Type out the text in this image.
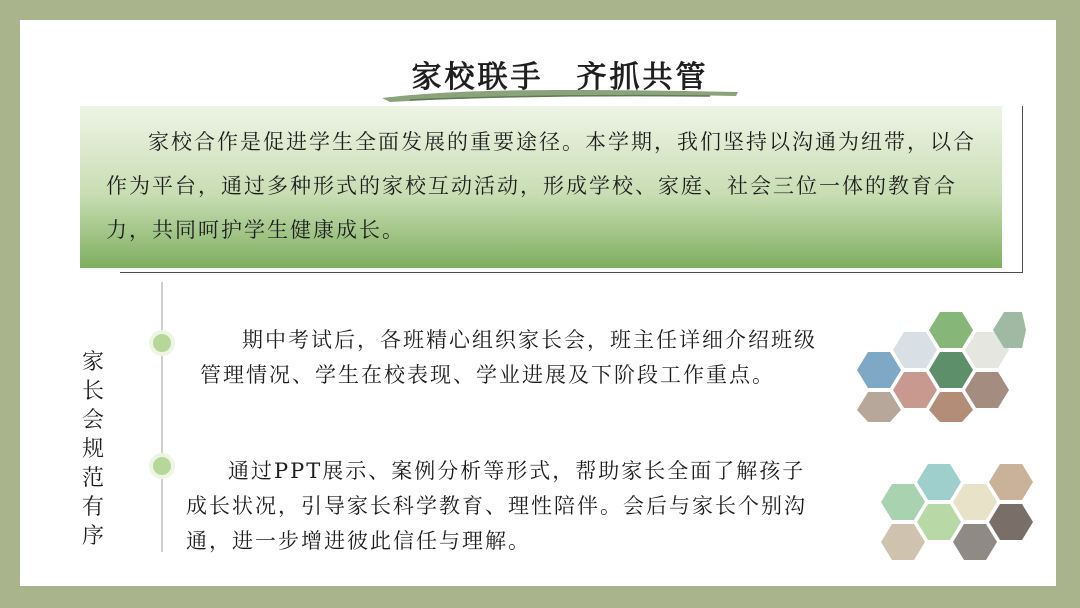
家校联手　齐抓共管
家校合作是促进学生全面发展的重要途径。本学期，我们坚持以沟通为纽带，以合作为平台，通过多种形式的家校互动活动，形成学校、家庭、社会三位一体的教育合力，共同呵护学生健康成长。
家长会规范有序
期中考试后，各班精心组织家长会，班主任详细介绍班级管理情况、学生在校表现、学业进展及下阶段工作重点。
通过PPT展示、案例分析等形式，帮助家长全面了解孩子成长状况，引导家长科学教育、理性陪伴。会后与家长个别沟通，进一步增进彼此信任与理解。
